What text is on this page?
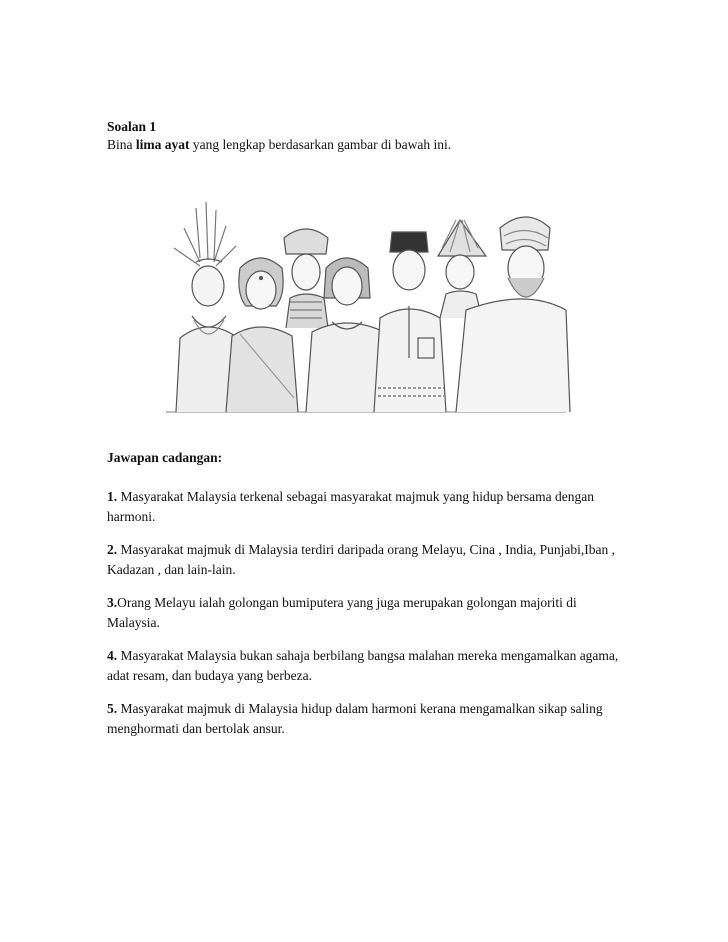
Soalan 1
Bina lima ayat yang lengkap berdasarkan gambar di bawah ini.
Jawapan cadangan:

1. Masyarakat Malaysia terkenal sebagai masyarakat majmuk yang hidup bersama dengan harmoni.

2. Masyarakat majmuk di Malaysia terdiri daripada orang Melayu, Cina , India, Punjabi,Iban , Kadazan , dan lain-lain.

3.Orang Melayu ialah golongan bumiputera yang juga merupakan golongan majoriti di Malaysia.

4. Masyarakat Malaysia bukan sahaja berbilang bangsa malahan mereka mengamalkan agama, adat resam, dan budaya yang berbeza.

5. Masyarakat majmuk di Malaysia hidup dalam harmoni kerana mengamalkan sikap saling menghormati dan bertolak ansur.
